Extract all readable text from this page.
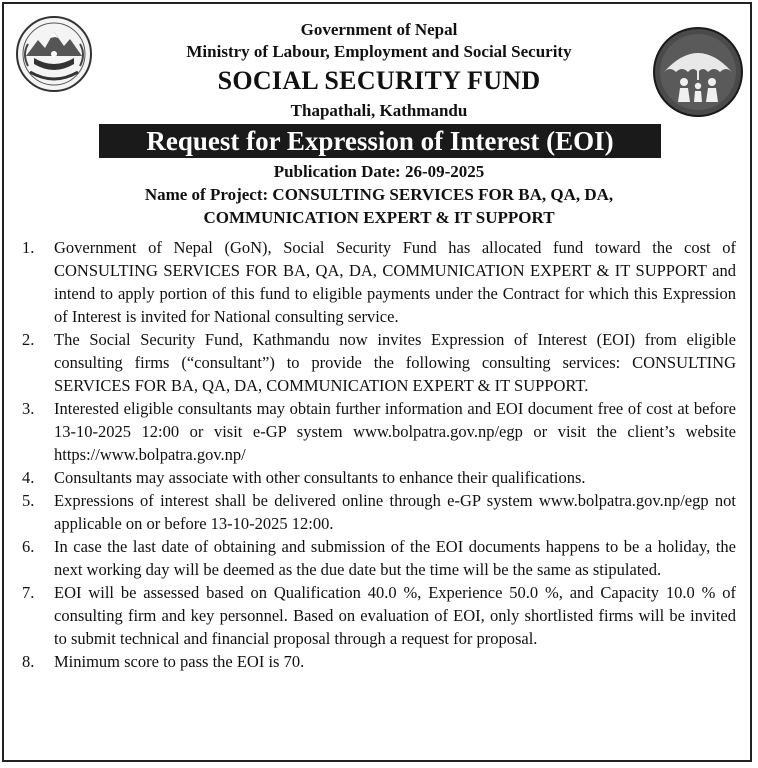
Government of Nepal
Ministry of Labour, Employment and Social Security
SOCIAL SECURITY FUND
Thapathali, Kathmandu
Request for Expression of Interest (EOI)
Publication Date: 26-09-2025
Name of Project: CONSULTING SERVICES FOR BA, QA, DA,
COMMUNICATION EXPERT & IT SUPPORT
1.	Government of Nepal (GoN), Social Security Fund has allocated fund toward the cost of CONSULTING SERVICES FOR BA, QA, DA, COMMUNICATION EXPERT & IT SUPPORT and intend to apply portion of this fund to eligible payments under the Contract for which this Expression of Interest is invited for National consulting service.
2.	The Social Security Fund, Kathmandu now invites Expression of Interest (EOI) from eligible consulting firms (“consultant”) to provide the following consulting services: CONSULTING SERVICES FOR BA, QA, DA, COMMUNICATION EXPERT & IT SUPPORT.
3.	Interested eligible consultants may obtain further information and EOI document free of cost at before 13-10-2025 12:00 or visit e-GP system www.bolpatra.gov.np/egp or visit the client’s website https://www.bolpatra.gov.np/
4.	Consultants may associate with other consultants to enhance their qualifications.
5.	Expressions of interest shall be delivered online through e-GP system www.bolpatra.gov.np/egp not applicable on or before 13-10-2025 12:00.
6.	In case the last date of obtaining and submission of the EOI documents happens to be a holiday, the next working day will be deemed as the due date but the time will be the same as stipulated.
7.	EOI will be assessed based on Qualification 40.0 %, Experience 50.0 %, and Capacity 10.0 % of consulting firm and key personnel. Based on evaluation of EOI, only shortlisted firms will be invited to submit technical and financial proposal through a request for proposal.
8.	Minimum score to pass the EOI is 70.
